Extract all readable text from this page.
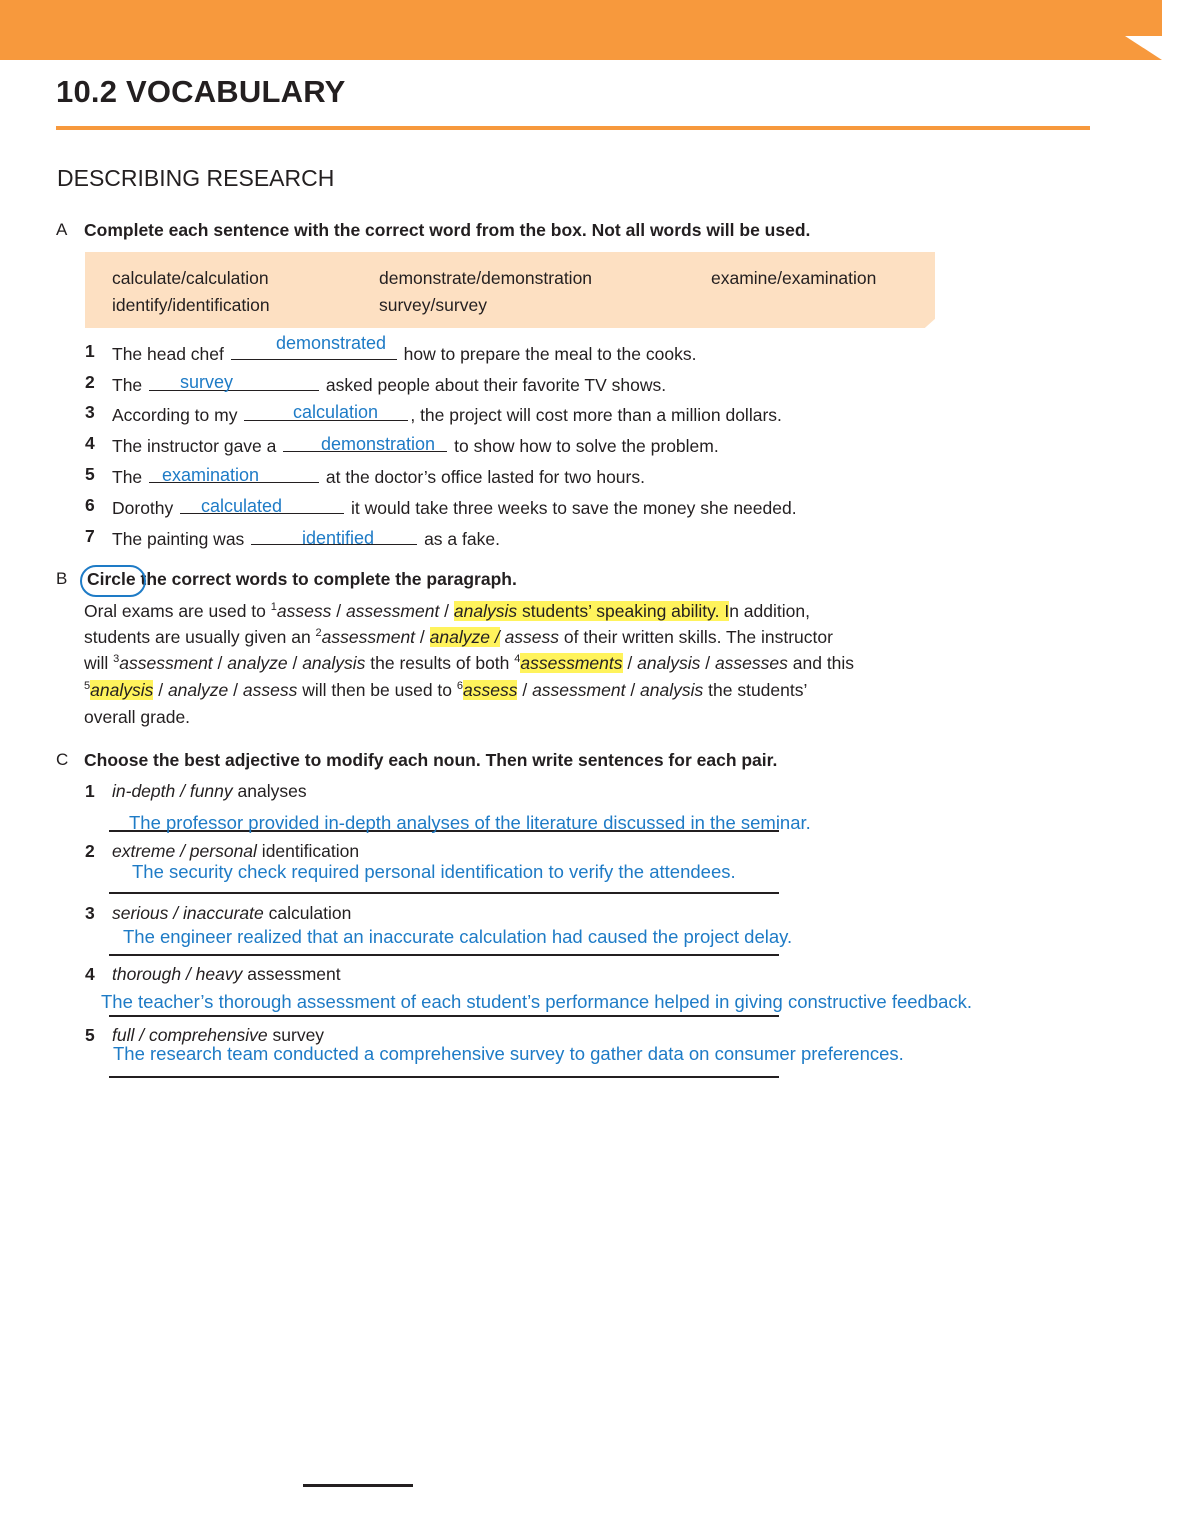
10.2 VOCABULARY
DESCRIBING RESEARCH
A Complete each sentence with the correct word from the box. Not all words will be used.
calculate/calculation	demonstrate/demonstration	examine/examination
identify/identification	survey/survey
1 The head chef	how to prepare the meal to the cooks.
demonstrated
2 The	asked people about their favorite TV shows.
survey
3 According to my	, the project will cost more than a million dollars.
calculation
4 The instructor gave a	to show how to solve the problem.
demonstration
5 The	at the doctor’s office lasted for two hours.
examination
6 Dorothy	it would take three weeks to save the money she needed.
calculated
7 The painting was	as a fake.
identified
B Circle the correct words to complete the paragraph.
Oral exams are used to $^1$assess / assessment / analysis students’ speaking ability. In addition,
students are usually given an $^2$assessment / analyze / assess of their written skills. The instructor
will $^3$assessment / analyze / analysis the results of both $^4$assessments / analysis / assesses and this
$^5$analysis / analyze / assess will then be used to $^6$assess / assessment / analysis the students’
overall grade.
C Choose the best adjective to modify each noun. Then write sentences for each pair.
1 in-depth / funny analyses
The professor provided in-depth analyses of the literature discussed in the seminar.
2 extreme / personal identification
The security check required personal identification to verify the attendees.
3 serious / inaccurate calculation
The engineer realized that an inaccurate calculation had caused the project delay.
4 thorough / heavy assessment
The teacher’s thorough assessment of each student’s performance helped in giving constructive feedback.
5 full / comprehensive survey
The research team conducted a comprehensive survey to gather data on consumer preferences.
